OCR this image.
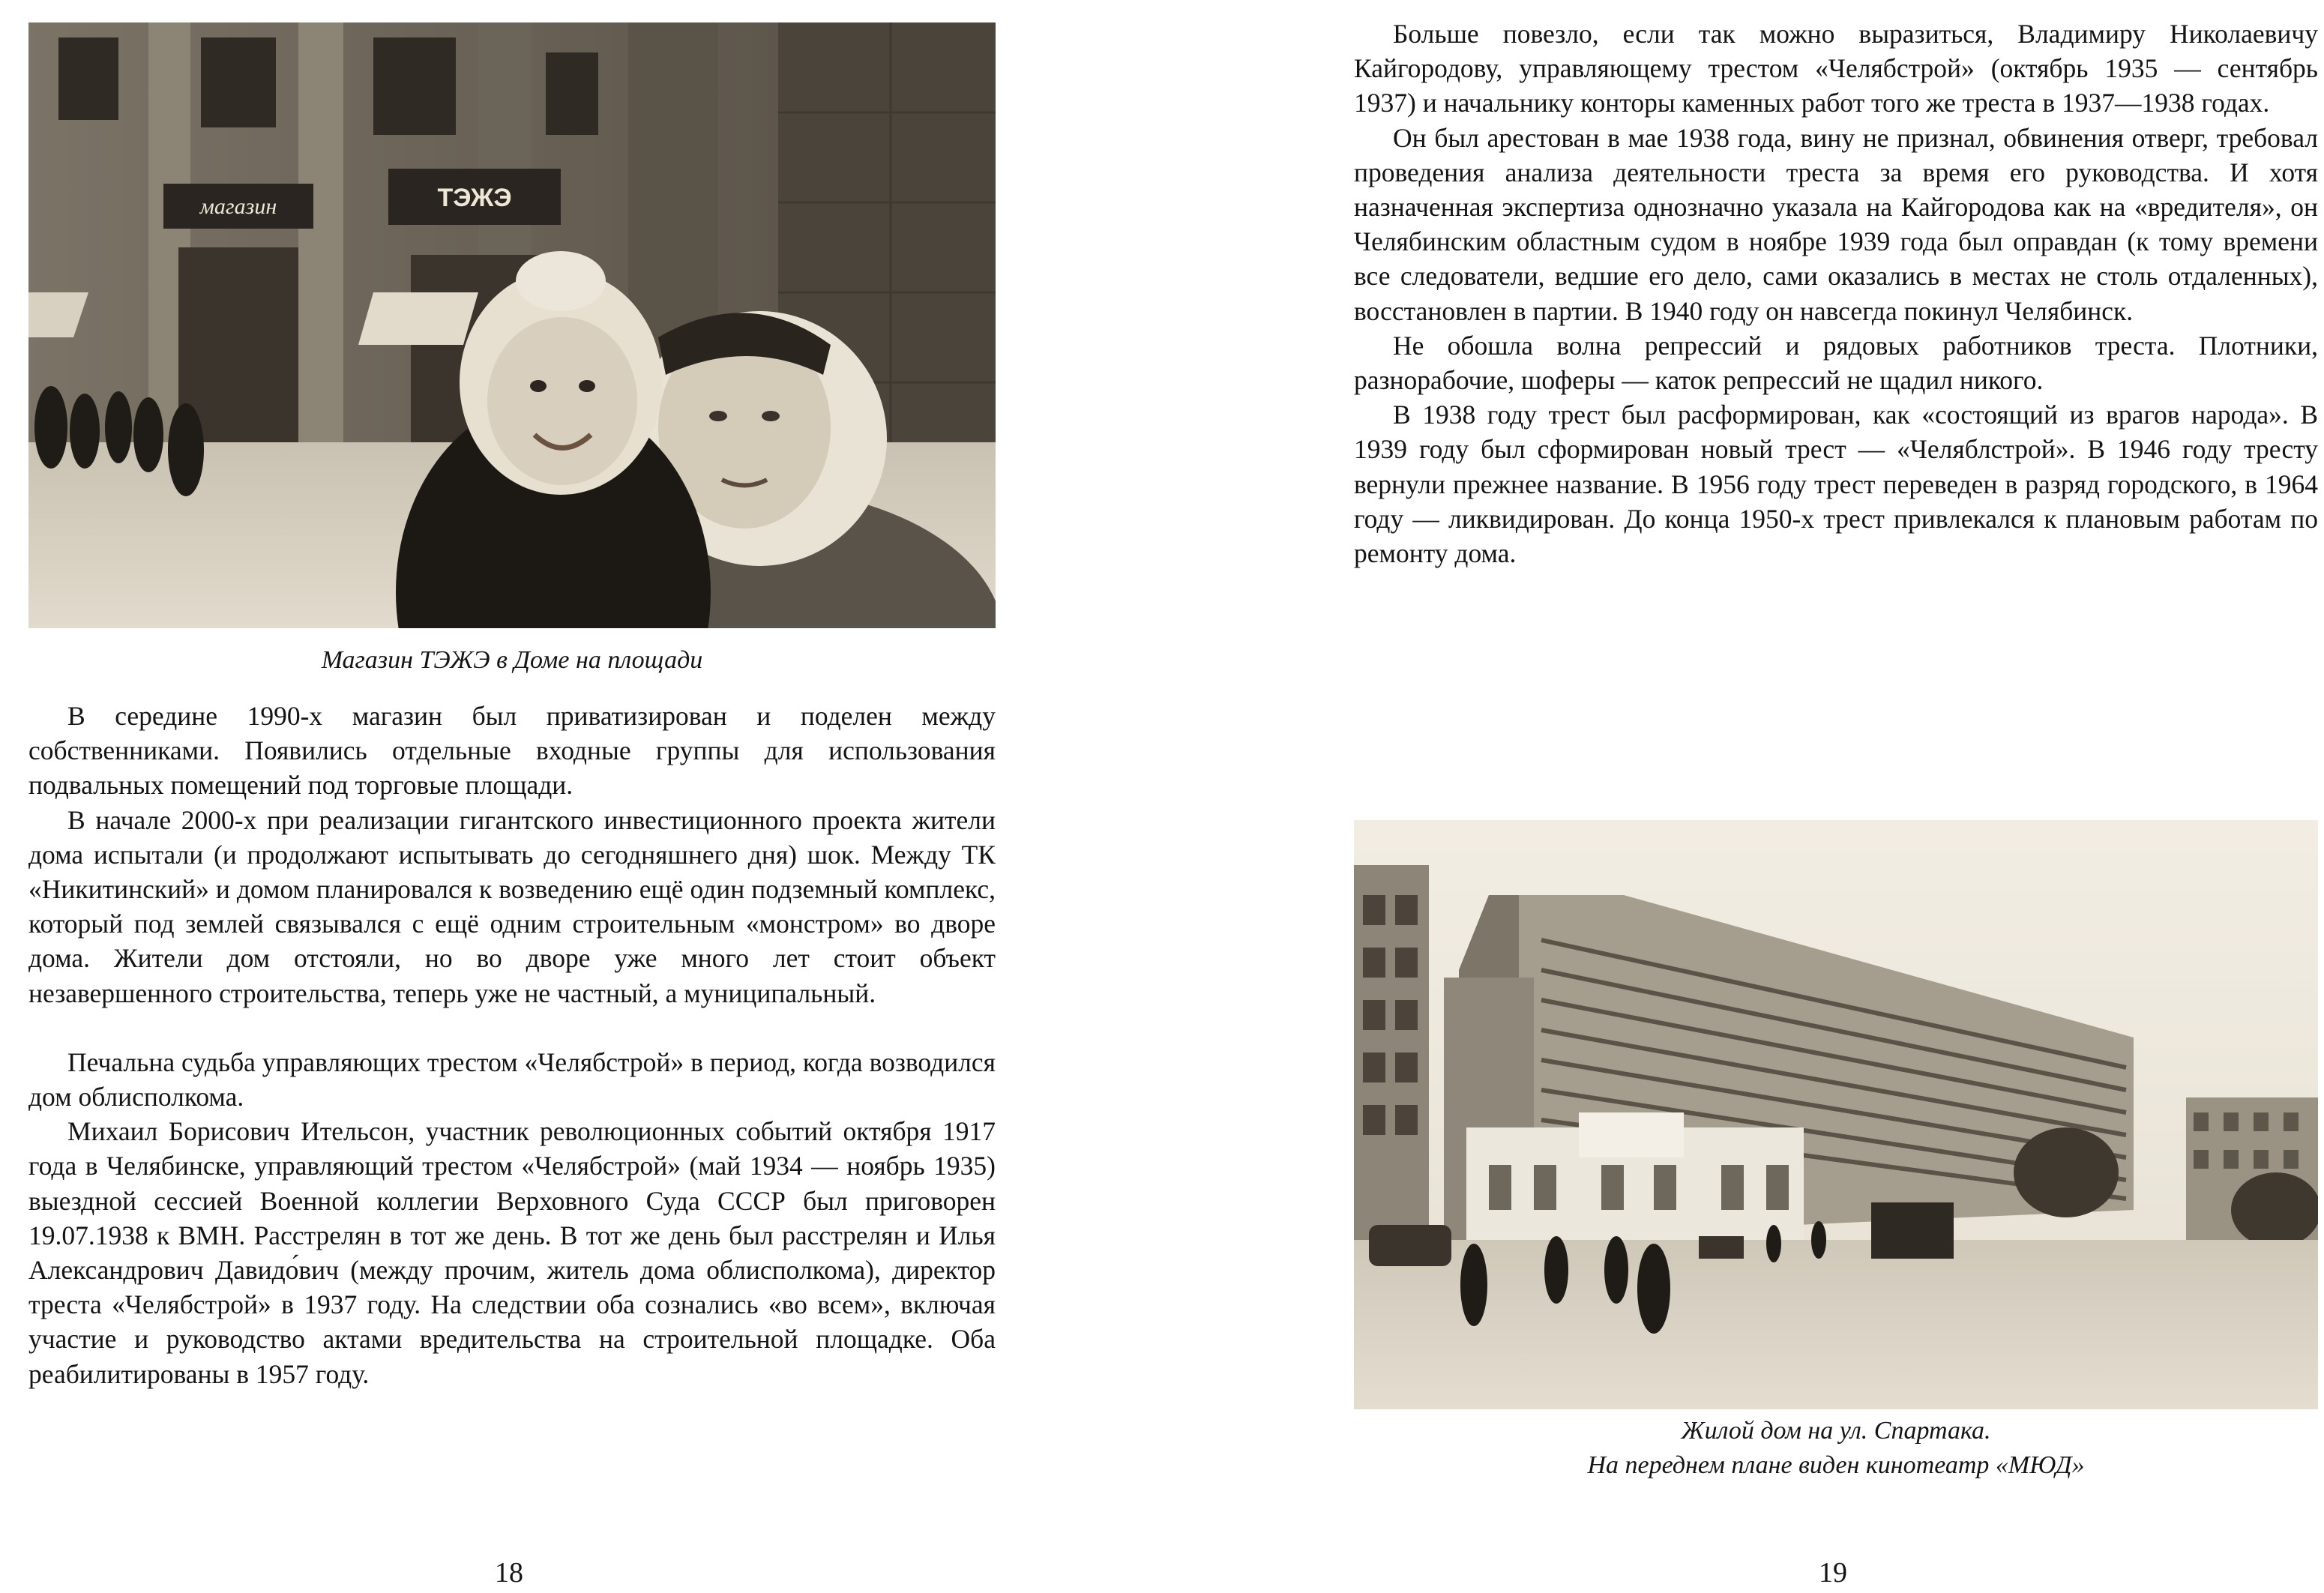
магазин	ТЭЖЭ
Магазин ТЭЖЭ в Доме на площади

В середине 1990-х магазин был приватизирован и поделен между собственниками. Появились отдельные входные группы для использования подвальных помещений под торговые площади.

В начале 2000-х при реализации гигантского инвестиционного проекта жители дома испытали (и продолжают испытывать до сегодняшнего дня) шок. Между ТК «Никитинский» и домом планировался к возведению ещё один подземный комплекс, который под землей связывался с ещё одним строительным «монстром» во дворе дома. Жители дом отстояли, но во дворе уже много лет стоит объект незавершенного строительства, теперь уже не частный, а муниципальный.

Печальна судьба управляющих трестом «Челябстрой» в период, когда возводился дом облисполкома.

Михаил Борисович Ительсон, участник революционных событий октября 1917 года в Челябинске, управляющий трестом «Челябстрой» (май 1934 — ноябрь 1935) выездной сессией Военной коллегии Верховного Суда СССР был приговорен 19.07.1938 к ВМН. Расстрелян в тот же день. В тот же день был расстрелян и Илья Александрович Давидо́вич (между прочим, житель дома облисполкома), директор треста «Челябстрой» в 1937 году. На следствии оба сознались «во всем», включая участие и руководство актами вредительства на строительной площадке. Оба реабилитированы в 1957 году.

18

Больше повезло, если так можно выразиться, Владимиру Николаевичу Кайгородову, управляющему трестом «Челябстрой» (октябрь 1935 — сентябрь 1937) и начальнику конторы каменных работ того же треста в 1937—1938 годах.

Он был арестован в мае 1938 года, вину не признал, обвинения отверг, требовал проведения анализа деятельности треста за время его руководства. И хотя назначенная экспертиза однозначно указала на Кайгородова как на «вредителя», он Челябинским областным судом в ноябре 1939 года был оправдан (к тому времени все следователи, ведшие его дело, сами оказались в местах не столь отдаленных), восстановлен в партии. В 1940 году он навсегда покинул Челябинск.

Не обошла волна репрессий и рядовых работников треста. Плотники, разнорабочие, шоферы — каток репрессий не щадил никого.

В 1938 году трест был расформирован, как «состоящий из врагов народа». В 1939 году был сформирован новый трест — «Челяблстрой». В 1946 году тресту вернули прежнее название. В 1956 году трест переведен в разряд городского, в 1964 году — ликвидирован. До конца 1950-х трест привлекался к плановым работам по ремонту дома.

Жилой дом на ул. Спартака.
На переднем плане виден кинотеатр «МЮД»
19
